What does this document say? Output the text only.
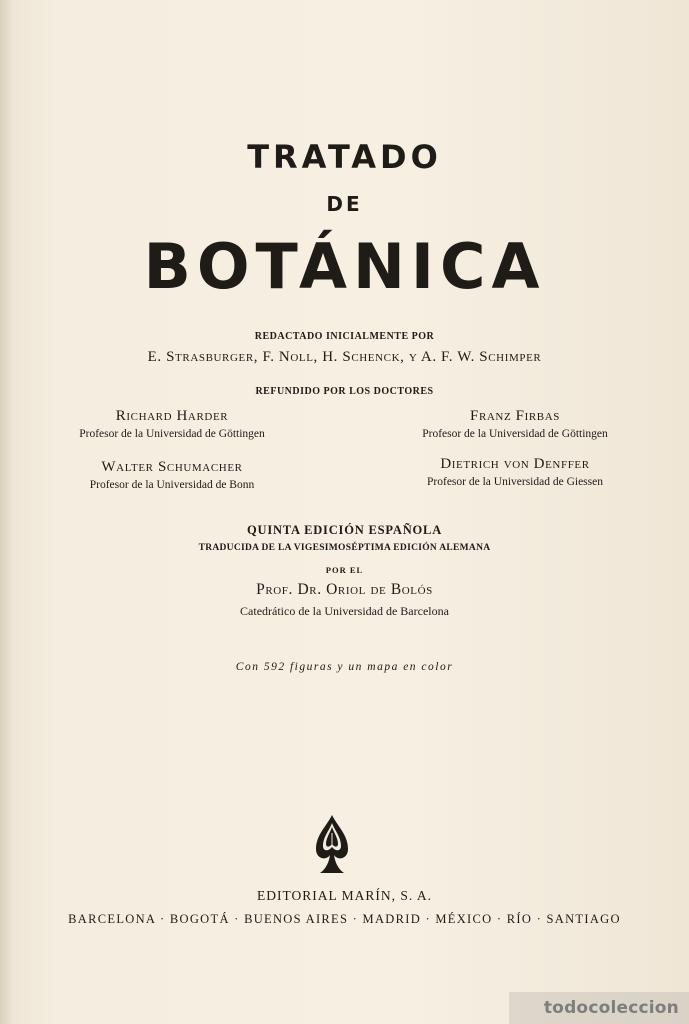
TRATADO
DE
BOTÁNICA
REDACTADO INICIALMENTE POR
E. Strasburger, F. Noll, H. Schenck, y A. F. W. Schimper
REFUNDIDO POR LOS DOCTORES
Richard Harder
Profesor de la Universidad de Göttingen
Franz Firbas
Profesor de la Universidad de Göttingen
Walter Schumacher
Profesor de la Universidad de Bonn
Dietrich von Denffer
Profesor de la Universidad de Giessen
QUINTA EDICIÓN ESPAÑOLA
TRADUCIDA DE LA VIGESIMOSÉPTIMA EDICIÓN ALEMANA
POR EL
Prof. Dr. Oriol de Bolós
Catedrático de la Universidad de Barcelona
Con 592 figuras y un mapa en color
EDITORIAL MARÍN, S. A.
BARCELONA · BOGOTÁ · BUENOS AIRES · MADRID · MÉXICO · RÍO · SANTIAGO
todocoleccion
